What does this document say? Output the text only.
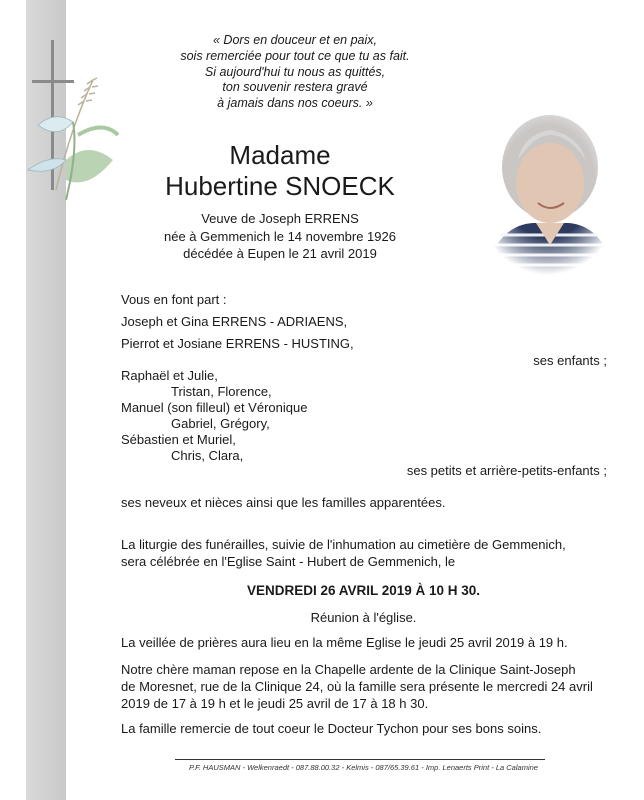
« Dors en douceur et en paix,
sois remerciée pour tout ce que tu as fait.
Si aujourd'hui tu nous as quittés,
ton souvenir restera gravé
à jamais dans nos coeurs. »
Madame
Hubertine SNOECK
Veuve de Joseph ERRENS
née à Gemmenich le 14 novembre 1926
décédée à Eupen le 21 avril 2019
Vous en font part :
Joseph et Gina ERRENS - ADRIAENS,
Pierrot et Josiane ERRENS - HUSTING,
ses enfants ;
Raphaël et Julie,
Tristan, Florence,
Manuel (son filleul) et Véronique
Gabriel, Grégory,
Sébastien et Muriel,
Chris, Clara,
ses petits et arrière-petits-enfants ;
ses neveux et nièces ainsi que les familles apparentées.
La liturgie des funérailles, suivie de l'inhumation au cimetière de Gemmenich,
sera célébrée en l'Eglise Saint - Hubert de Gemmenich, le
VENDREDI 26 AVRIL 2019 À 10 H 30.
Réunion à l'église.
La veillée de prières aura lieu en la même Eglise le jeudi 25 avril 2019 à 19 h.
Notre chère maman repose en la Chapelle ardente de la Clinique Saint-Joseph
de Moresnet, rue de la Clinique 24, où la famille sera présente le mercredi 24 avril
2019 de 17 à 19 h et le jeudi 25 avril de 17 à 18 h 30.
La famille remercie de tout coeur le Docteur Tychon pour ses bons soins.
P.F. HAUSMAN - Welkenraedt - 087.88.00.32 - Kelmis - 087/65.39.61 - Imp. Lenaerts Print - La Calamine
